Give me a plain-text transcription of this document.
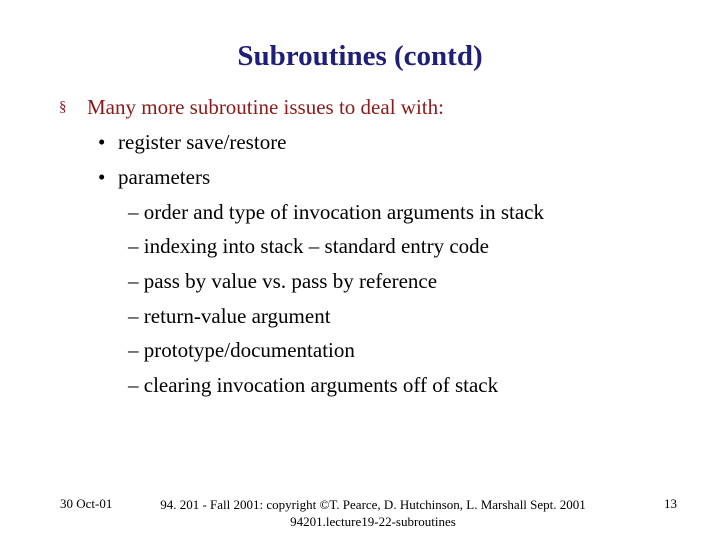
Subroutines (contd)
§ Many more subroutine issues to deal with:
• register save/restore
• parameters
– order and type of invocation arguments in stack
– indexing into stack – standard entry code
– pass by value vs. pass by reference
– return-value argument
– prototype/documentation
– clearing invocation arguments off of stack
30 Oct-01	94. 201 - Fall 2001: copyright ©T. Pearce, D. Hutchinson, L. Marshall Sept. 2001
94201.lecture19-22-subroutines
13
